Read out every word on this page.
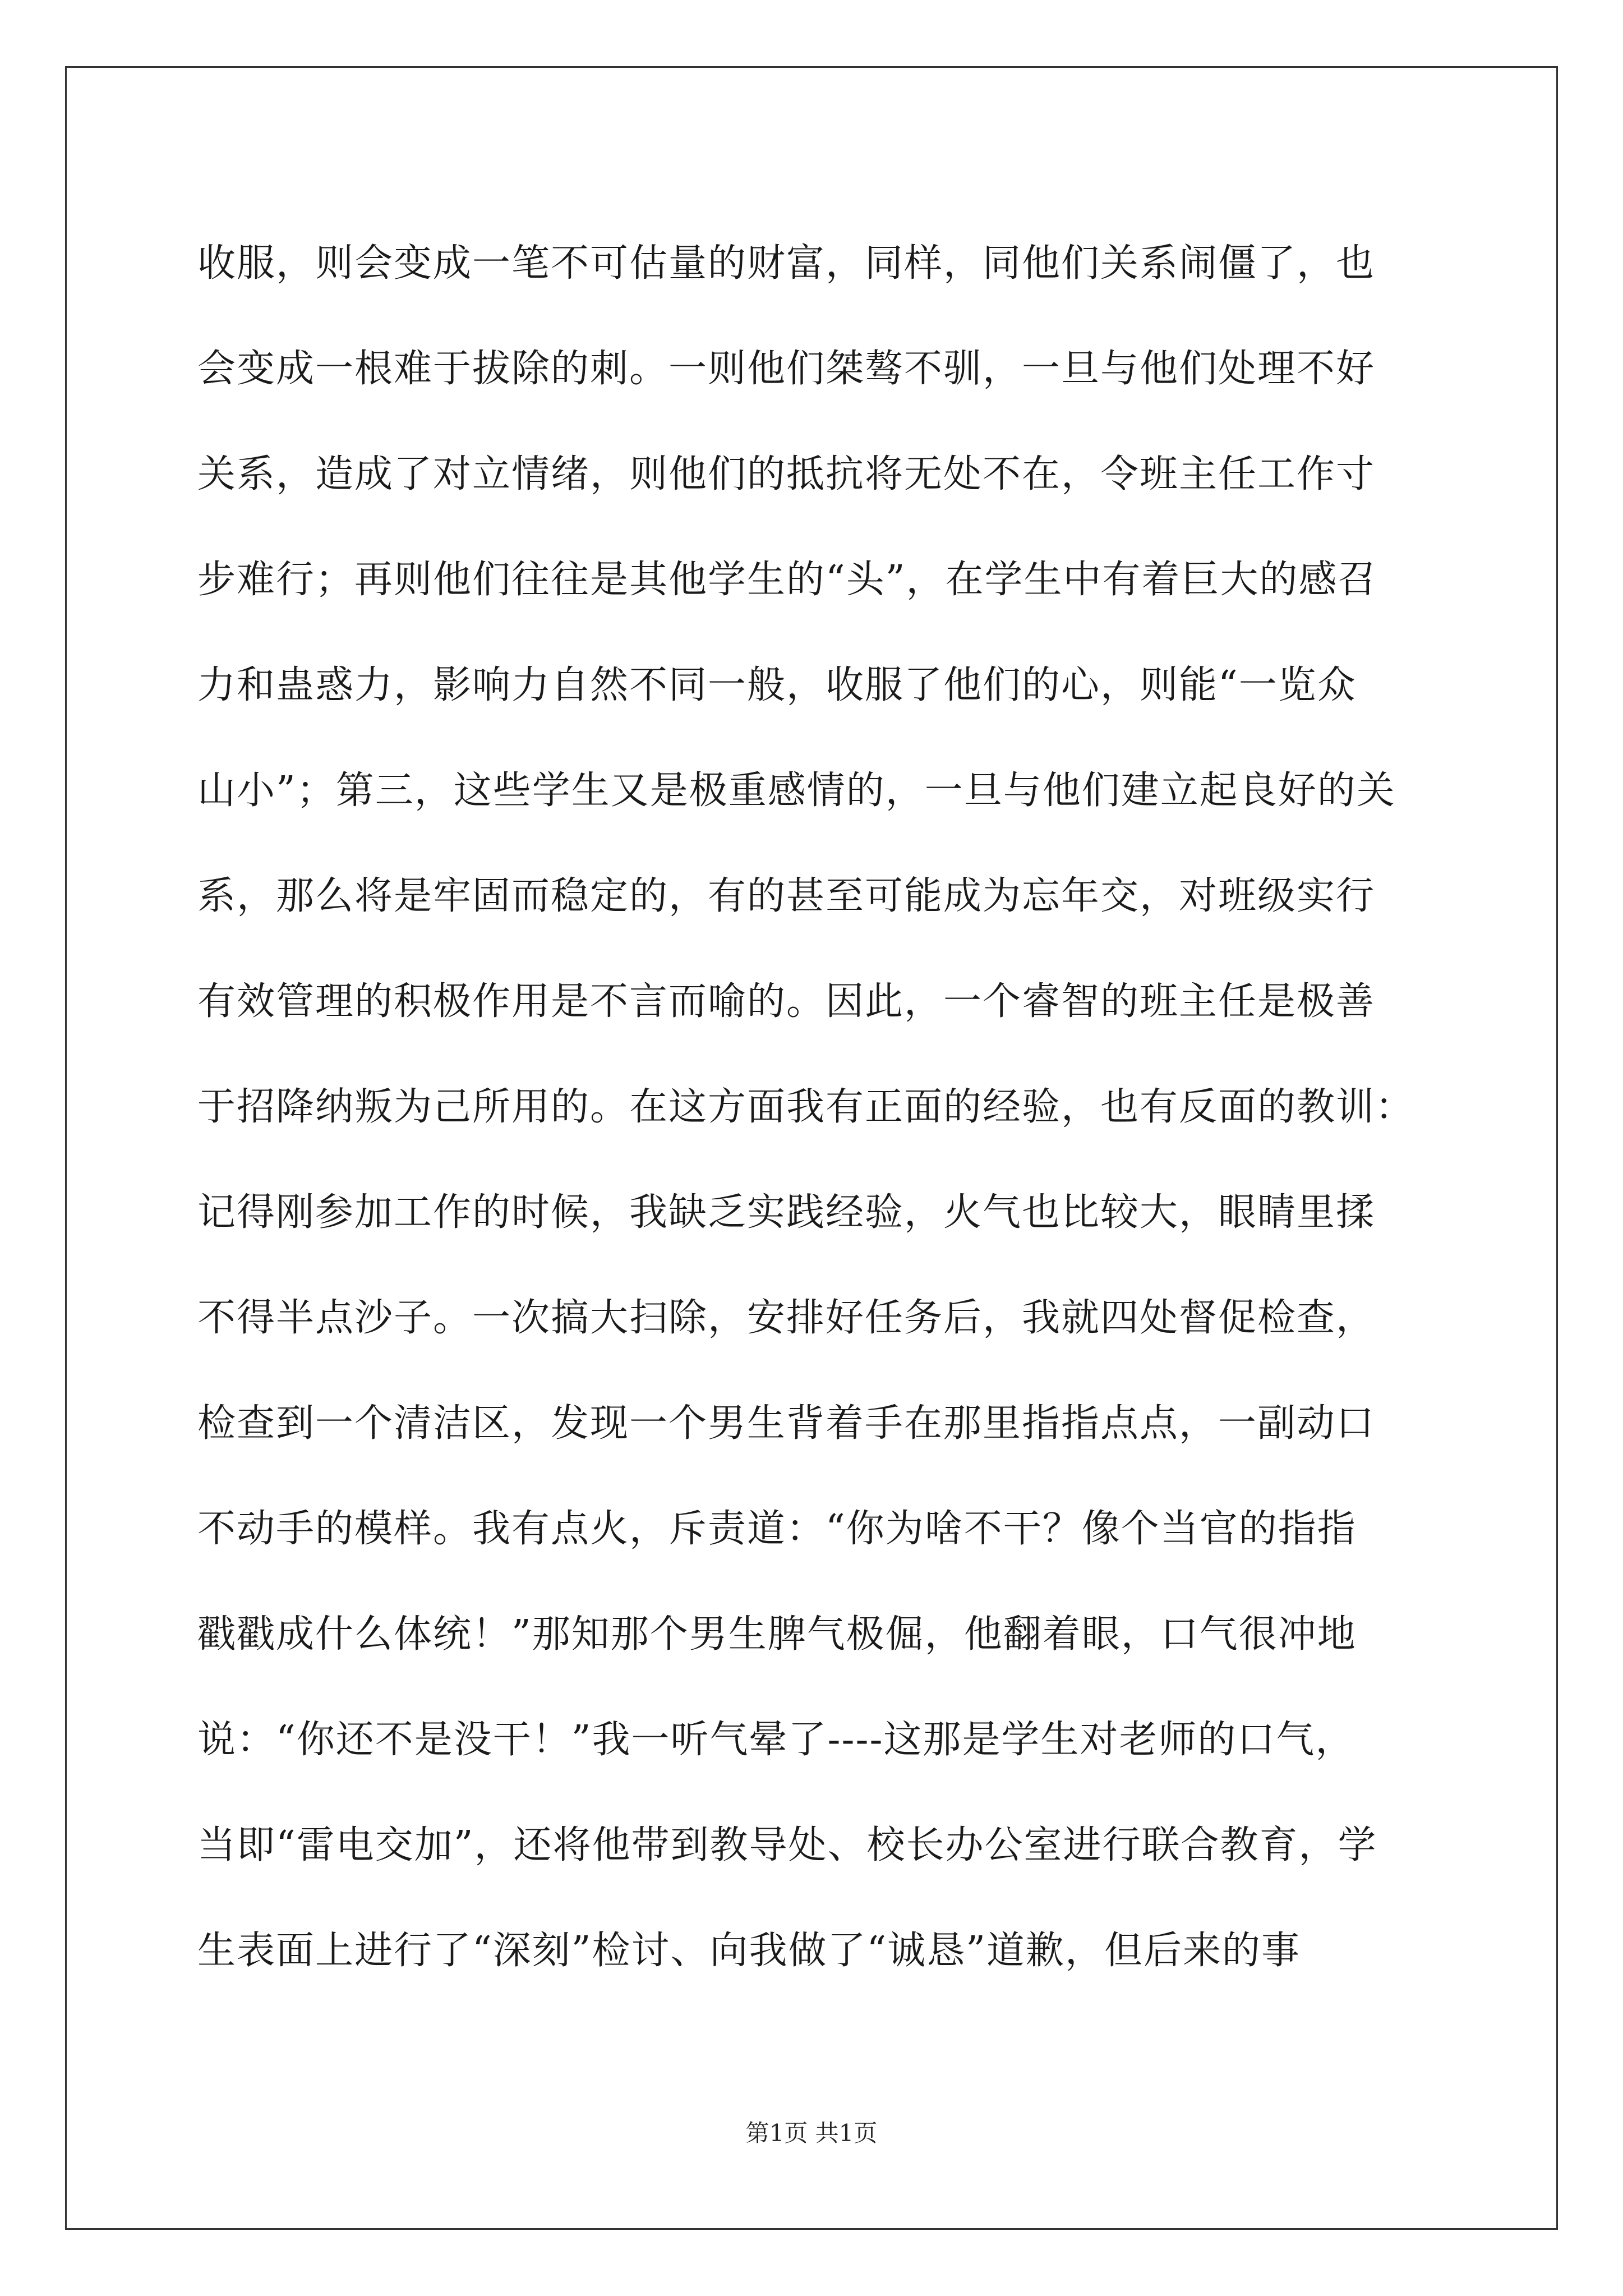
收服，则会变成一笔不可估量的财富，同样，同他们关系闹僵了，也
会变成一根难于拔除的刺。一则他们桀骜不驯，一旦与他们处理不好
关系，造成了对立情绪，则他们的抵抗将无处不在，令班主任工作寸
步难行；再则他们往往是其他学生的“头”，在学生中有着巨大的感召
力和蛊惑力，影响力自然不同一般，收服了他们的心，则能“一览众
山小”；第三，这些学生又是极重感情的，一旦与他们建立起良好的关
系，那么将是牢固而稳定的，有的甚至可能成为忘年交，对班级实行
有效管理的积极作用是不言而喻的。因此，一个睿智的班主任是极善
于招降纳叛为己所用的。在这方面我有正面的经验，也有反面的教训：
记得刚参加工作的时候，我缺乏实践经验，火气也比较大，眼睛里揉
不得半点沙子。一次搞大扫除，安排好任务后，我就四处督促检查，
检查到一个清洁区，发现一个男生背着手在那里指指点点，一副动口
不动手的模样。我有点火，斥责道：“你为啥不干？像个当官的指指
戳戳成什么体统！”那知那个男生脾气极倔，他翻着眼，口气很冲地
说：“你还不是没干！”我一听气晕了----这那是学生对老师的口气，
当即“雷电交加”，还将他带到教导处、校长办公室进行联合教育，学
生表面上进行了“深刻”检讨、向我做了“诚恳”道歉，但后来的事
第1页 共1页
